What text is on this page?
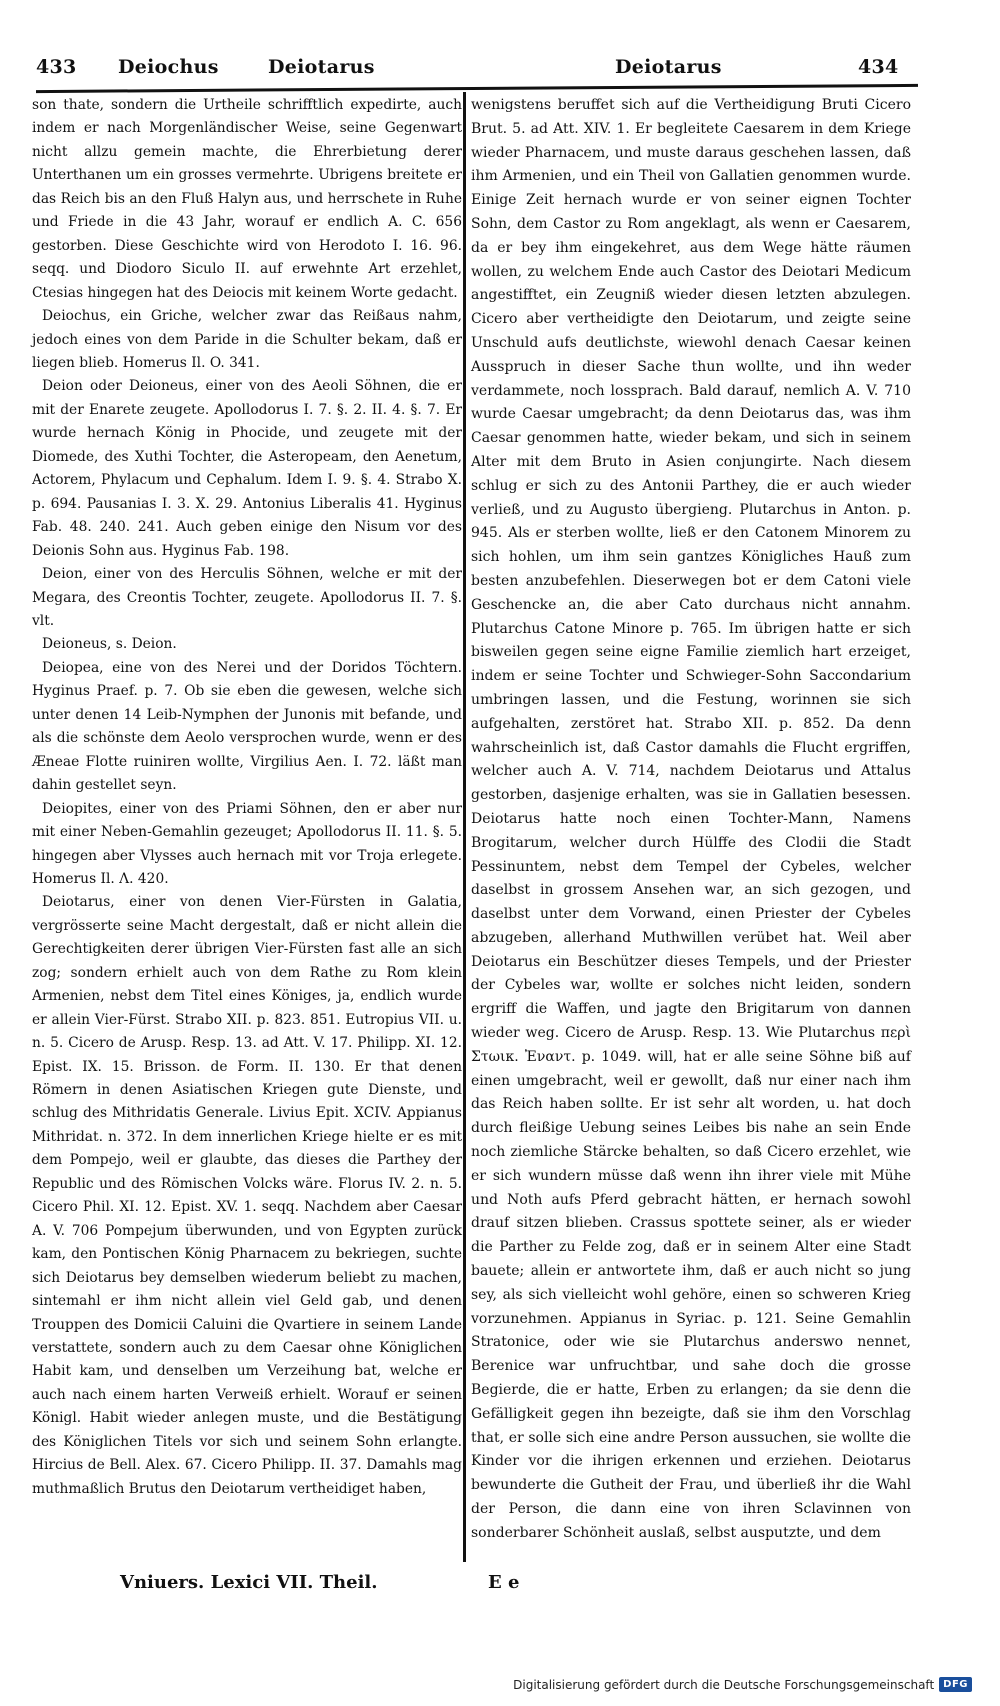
433 Deiochus	Deiotarus	Deiotarus	434

son thate, sondern die Urtheile schrifftlich expedirte, auch indem er nach Morgenländischer Weise, seine Gegenwart nicht allzu gemein machte, die Ehrerbietung derer Unterthanen um ein grosses vermehrte. Ubrigens breitete er das Reich bis an den Fluß Halyn aus, und herrschete in Ruhe und Friede in die 43 Jahr, worauf er endlich A. C. 656 gestorben. Diese Geschichte wird von Herodoto I. 16. 96. seqq. und Diodoro Siculo II. auf erwehnte Art erzehlet, Ctesias hingegen hat des Deiocis mit keinem Worte gedacht.

Deiochus, ein Griche, welcher zwar das Reißaus nahm, jedoch eines von dem Paride in die Schulter bekam, daß er liegen blieb. Homerus Il. O. 341.

Deion oder Deioneus, einer von des Aeoli Söhnen, die er mit der Enarete zeugete. Apollodorus I. 7. §. 2. II. 4. §. 7. Er wurde hernach König in Phocide, und zeugete mit der Diomede, des Xuthi Tochter, die Asteropeam, den Aenetum, Actorem, Phylacum und Cephalum. Idem I. 9. §. 4. Strabo X. p. 694. Pausanias I. 3. X. 29. Antonius Liberalis 41. Hyginus Fab. 48. 240. 241. Auch geben einige den Nisum vor des Deionis Sohn aus. Hyginus Fab. 198.

Deion, einer von des Herculis Söhnen, welche er mit der Megara, des Creontis Tochter, zeugete. Apollodorus II. 7. §. vlt.

Deioneus, s. Deion.

Deiopea, eine von des Nerei und der Doridos Töchtern. Hyginus Praef. p. 7. Ob sie eben die gewesen, welche sich unter denen 14 Leib-Nymphen der Junonis mit befande, und als die schönste dem Aeolo versprochen wurde, wenn er des Æneae Flotte ruiniren wollte, Virgilius Aen. I. 72. läßt man dahin gestellet seyn.

Deiopites, einer von des Priami Söhnen, den er aber nur mit einer Neben-Gemahlin gezeuget; Apollodorus II. 11. §. 5. hingegen aber Vlysses auch hernach mit vor Troja erlegete. Homerus Il. Λ. 420.

Deiotarus, einer von denen Vier-Fürsten in Galatia, vergrösserte seine Macht dergestalt, daß er nicht allein die Gerechtigkeiten derer übrigen Vier-Fürsten fast alle an sich zog; sondern erhielt auch von dem Rathe zu Rom klein Armenien, nebst dem Titel eines Königes, ja, endlich wurde er allein Vier-Fürst. Strabo XII. p. 823. 851. Eutropius VII. u. n. 5. Cicero de Arusp. Resp. 13. ad Att. V. 17. Philipp. XI. 12. Epist. IX. 15. Brisson. de Form. II. 130. Er that denen Römern in denen Asiatischen Kriegen gute Dienste, und schlug des Mithridatis Generale. Livius Epit. XCIV. Appianus Mithridat. n. 372. In dem innerlichen Kriege hielte er es mit dem Pompejo, weil er glaubte, das dieses die Parthey der Republic und des Römischen Volcks wäre. Florus IV. 2. n. 5. Cicero Phil. XI. 12. Epist. XV. 1. seqq. Nachdem aber Caesar A. V. 706 Pompejum überwunden, und von Egypten zurück kam, den Pontischen König Pharnacem zu bekriegen, suchte sich Deiotarus bey demselben wiederum beliebt zu machen, sintemahl er ihm nicht allein viel Geld gab, und denen Trouppen des Domicii Caluini die Qvartiere in seinem Lande verstattete, sondern auch zu dem Caesar ohne Königlichen Habit kam, und denselben um Verzeihung bat, welche er auch nach einem harten Verweiß erhielt. Worauf er seinen Königl. Habit wieder anlegen muste, und die Bestätigung des Königlichen Titels vor sich und seinem Sohn erlangte. Hircius de Bell. Alex. 67. Cicero Philipp. II. 37. Damahls mag muthmaßlich Brutus den Deiotarum vertheidiget haben,

wenigstens beruffet sich auf die Vertheidigung Bruti Cicero Brut. 5. ad Att. XIV. 1. Er begleitete Caesarem in dem Kriege wieder Pharnacem, und muste daraus geschehen lassen, daß ihm Armenien, und ein Theil von Gallatien genommen wurde. Einige Zeit hernach wurde er von seiner eignen Tochter Sohn, dem Castor zu Rom angeklagt, als wenn er Caesarem, da er bey ihm eingekehret, aus dem Wege hätte räumen wollen, zu welchem Ende auch Castor des Deiotari Medicum angestifftet, ein Zeugniß wieder diesen letzten abzulegen. Cicero aber vertheidigte den Deiotarum, und zeigte seine Unschuld aufs deutlichste, wiewohl denach Caesar keinen Ausspruch in dieser Sache thun wollte, und ihn weder verdammete, noch lossprach. Bald darauf, nemlich A. V. 710 wurde Caesar umgebracht; da denn Deiotarus das, was ihm Caesar genommen hatte, wieder bekam, und sich in seinem Alter mit dem Bruto in Asien conjungirte. Nach diesem schlug er sich zu des Antonii Parthey, die er auch wieder verließ, und zu Augusto übergieng. Plutarchus in Anton. p. 945. Als er sterben wollte, ließ er den Catonem Minorem zu sich hohlen, um ihm sein gantzes Königliches Hauß zum besten anzubefehlen. Dieserwegen bot er dem Catoni viele Geschencke an, die aber Cato durchaus nicht annahm. Plutarchus Catone Minore p. 765. Im übrigen hatte er sich bisweilen gegen seine eigne Familie ziemlich hart erzeiget, indem er seine Tochter und Schwieger-Sohn Saccondarium umbringen lassen, und die Festung, worinnen sie sich aufgehalten, zerstöret hat. Strabo XII. p. 852. Da denn wahrscheinlich ist, daß Castor damahls die Flucht ergriffen, welcher auch A. V. 714, nachdem Deiotarus und Attalus gestorben, dasjenige erhalten, was sie in Gallatien besessen. Deiotarus hatte noch einen Tochter-Mann, Namens Brogitarum, welcher durch Hülffe des Clodii die Stadt Pessinuntem, nebst dem Tempel der Cybeles, welcher daselbst in grossem Ansehen war, an sich gezogen, und daselbst unter dem Vorwand, einen Priester der Cybeles abzugeben, allerhand Muthwillen verübet hat. Weil aber Deiotarus ein Beschützer dieses Tempels, und der Priester der Cybeles war, wollte er solches nicht leiden, sondern ergriff die Waffen, und jagte den Brigitarum von dannen wieder weg. Cicero de Arusp. Resp. 13. Wie Plutarchus περὶ Στωικ. Ἐναντ. p. 1049. will, hat er alle seine Söhne biß auf einen umgebracht, weil er gewollt, daß nur einer nach ihm das Reich haben sollte. Er ist sehr alt worden, u. hat doch durch fleißige Uebung seines Leibes bis nahe an sein Ende noch ziemliche Stärcke behalten, so daß Cicero erzehlet, wie er sich wundern müsse daß wenn ihn ihrer viele mit Mühe und Noth aufs Pferd gebracht hätten, er hernach sowohl drauf sitzen blieben. Crassus spottete seiner, als er wieder die Parther zu Felde zog, daß er in seinem Alter eine Stadt bauete; allein er antwortete ihm, daß er auch nicht so jung sey, als sich vielleicht wohl gehöre, einen so schweren Krieg vorzunehmen. Appianus in Syriac. p. 121. Seine Gemahlin Stratonice, oder wie sie Plutarchus anderswo nennet, Berenice war unfruchtbar, und sahe doch die grosse Begierde, die er hatte, Erben zu erlangen; da sie denn die Gefälligkeit gegen ihn bezeigte, daß sie ihm den Vorschlag that, er solle sich eine andre Person aussuchen, sie wollte die Kinder vor die ihrigen erkennen und erziehen. Deiotarus bewunderte die Gutheit der Frau, und überließ ihr die Wahl der Person, die dann eine von ihren Sclavinnen von sonderbarer Schönheit auslaß, selbst ausputzte, und dem

Vniuers. Lexici VII. Theil.	E e
Digitalisierung gefördert durch die Deutsche Forschungsgemeinschaft DFG
